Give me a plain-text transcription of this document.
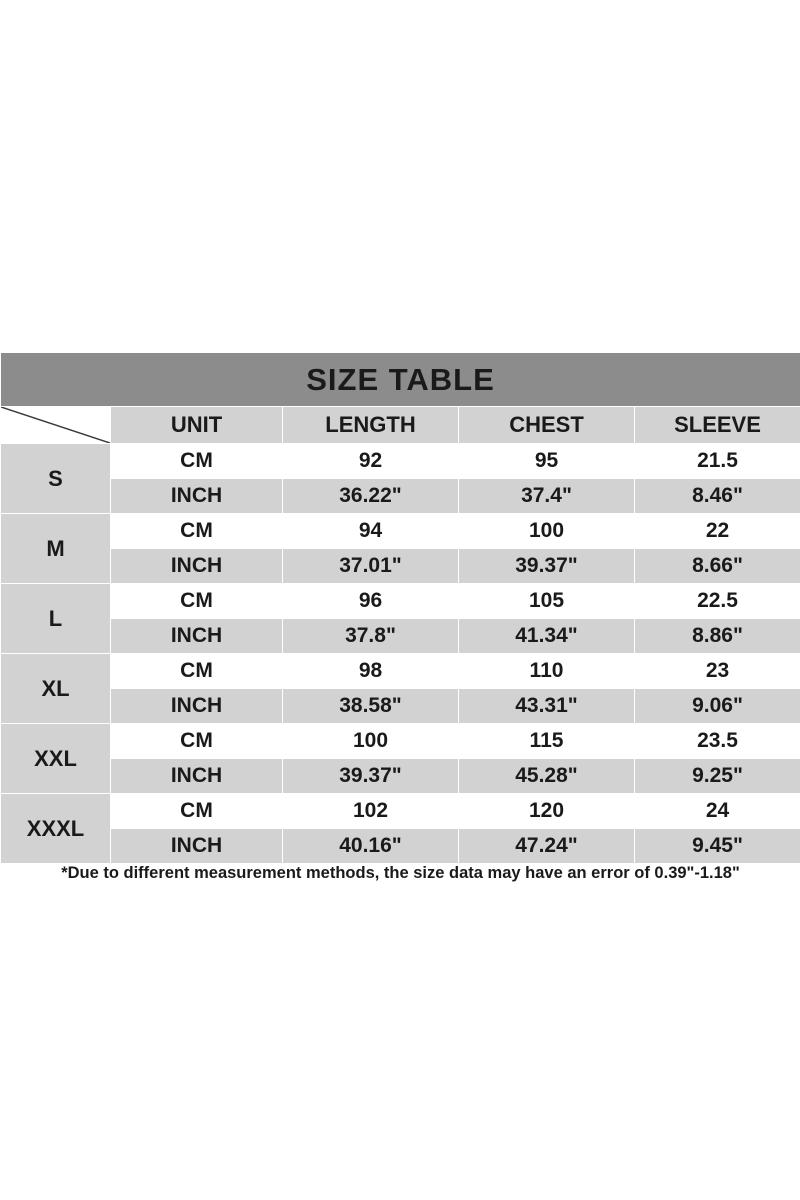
SIZE TABLE				

	UNIT	LENGTH	CHEST	SLEEVE
S	CM	92	95	21.5
	INCH	36.22"	37.4"	8.46"
M	CM	94	100	22
	INCH	37.01"	39.37"	8.66"
L	CM	96	105	22.5
	INCH	37.8"	41.34"	8.86"
XL	CM	98	110	23
	INCH	38.58"	43.31"	9.06"
XXL	CM	100	115	23.5
	INCH	39.37"	45.28"	9.25"
XXXL	CM	102	120	24
	INCH	40.16"	47.24"	9.45"
*Due to different measurement methods, the size data may have an error of 0.39"-1.18"				
